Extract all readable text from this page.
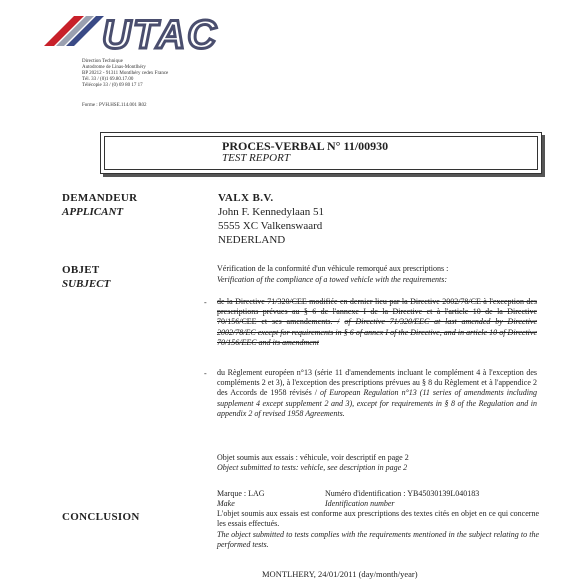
UTAC
Direction Technique
Autodrome de Linas-Montlhéry
BP 20212 - 91311 Montlhéry cedex France
Tél. 33 / (0)1 69.80.17.00
Télécopie 33 / (0) 69 80 17 17
Forme : PVH.HSE.114.001 R02
PROCES-VERBAL N° 11/00930
TEST REPORT
DEMANDEUR
APPLICANT
VALX B.V.
John F. Kennedylaan 51
5555 XC Valkenswaard
NEDERLAND
OBJET
SUBJECT
Vérification de la conformité d'un véhicule remorqué aux prescriptions :
Verification of the compliance of a towed vehicle with the requirements:
- de la Directive 71/320/CEE modifiée en dernier lieu par la Directive 2002/78/CE à l'exception des prescriptions prévues au § 6 de l'annexe I de la Directive et à l'article 10 de la Directive 70/156/CEE et ses amendements. / of Directive 71/320/EEC at last amended by Directive 2002/78/EC except for requirements in § 6 of annex I of the Directive, and in article 10 of Directive 70/156/EEC and its amendment
- du Règlement européen n°13 (série 11 d'amendements incluant le complément 4 à l'exception des compléments 2 et 3), à l'exception des prescriptions prévues au § 8 du Règlement et à l'appendice 2 des Accords de 1958 révisés / of European Regulation n°13 (11 series of amendments including supplement 4 except supplement 2 and 3), except for requirements in § 8 of the Regulation and in appendix 2 of revised 1958 Agreements.
Objet soumis aux essais : véhicule, voir descriptif en page 2
Object submitted to tests: vehicle, see description in page 2
Marque : LAG
Make
Numéro d'identification : YB45030139L040183
Identification number
CONCLUSION	L'objet soumis aux essais est conforme aux prescriptions des textes cités en objet en ce qui concerne les essais effectués.
The object submitted to tests complies with the requirements mentioned in the subject relating to the performed tests.
MONTLHERY, 24/01/2011 (day/month/year)
